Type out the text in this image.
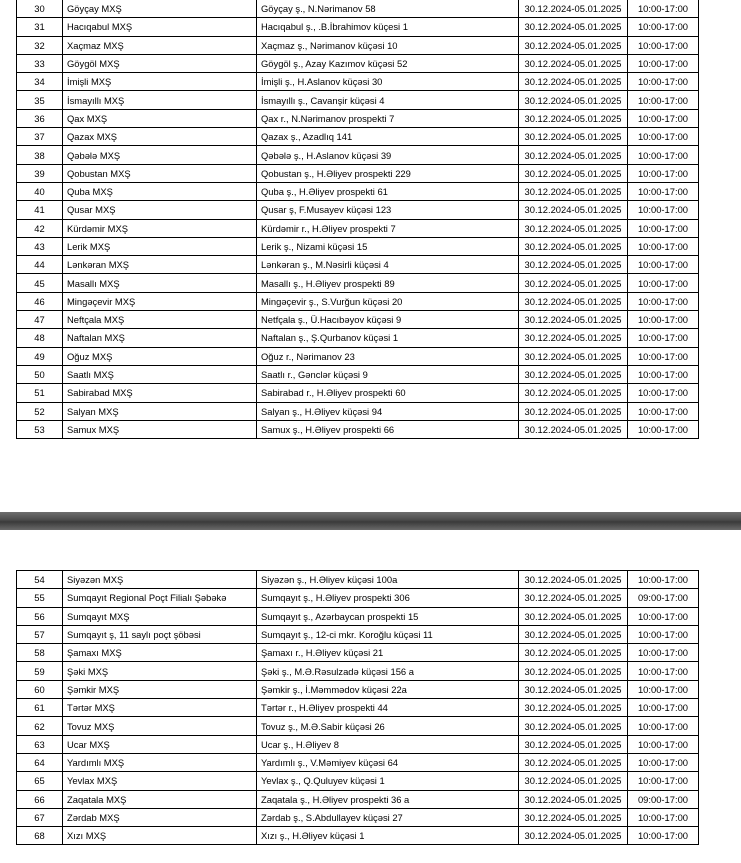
30	Göyçay MXŞ	Göyçay ş., N.Nərimanov 58	30.12.2024-05.01.2025	10:00-17:00
31	Hacıqabul MXŞ	Hacıqabul ş., .B.İbrahimov küçesi 1	30.12.2024-05.01.2025	10:00-17:00
32	Xaçmaz MXŞ	Xaçmaz ş., Nərimanov küçəsi 10	30.12.2024-05.01.2025	10:00-17:00
33	Göygöl MXŞ	Göygöl ş., Azay Kazımov küçəsi 52	30.12.2024-05.01.2025	10:00-17:00
34	İmişli MXŞ	İmişli ş., H.Aslanov küçəsi 30	30.12.2024-05.01.2025	10:00-17:00
35	İsmayıllı MXŞ	İsmayıllı ş., Cavanşir küçəsi 4	30.12.2024-05.01.2025	10:00-17:00
36	Qax MXŞ	Qax r., N.Nərimanov prospekti 7	30.12.2024-05.01.2025	10:00-17:00
37	Qazax MXŞ	Qazax ş., Azadlıq 141	30.12.2024-05.01.2025	10:00-17:00
38	Qəbələ MXŞ	Qəbələ ş., H.Aslanov küçəsi 39	30.12.2024-05.01.2025	10:00-17:00
39	Qobustan MXŞ	Qobustan ş., H.Əliyev prospekti 229	30.12.2024-05.01.2025	10:00-17:00
40	Quba MXŞ	Quba ş., H.Əliyev prospekti 61	30.12.2024-05.01.2025	10:00-17:00
41	Qusar MXŞ	Qusar ş, F.Musayev küçəsi 123	30.12.2024-05.01.2025	10:00-17:00
42	Kürdəmir MXŞ	Kürdəmir r., H.Əliyev prospekti 7	30.12.2024-05.01.2025	10:00-17:00
43	Lerik MXŞ	Lerik ş., Nizami küçəsi 15	30.12.2024-05.01.2025	10:00-17:00
44	Lənkəran MXŞ	Lənkəran ş., M.Nəsirli küçəsi 4	30.12.2024-05.01.2025	10:00-17:00
45	Masallı MXŞ	Masallı ş., H.Əliyev prospekti 89	30.12.2024-05.01.2025	10:00-17:00
46	Mingəçevir MXŞ	Mingəçevir ş., S.Vurğun küçəsi 20	30.12.2024-05.01.2025	10:00-17:00
47	Neftçala MXŞ	Netfçala ş., Ü.Hacıbəyov küçəsi 9	30.12.2024-05.01.2025	10:00-17:00
48	Naftalan MXŞ	Naftalan ş., Ş.Qurbanov küçəsi 1	30.12.2024-05.01.2025	10:00-17:00
49	Oğuz MXŞ	Oğuz r., Nərimanov 23	30.12.2024-05.01.2025	10:00-17:00
50	Saatlı MXŞ	Saatlı r., Gənclər küçəsi 9	30.12.2024-05.01.2025	10:00-17:00
51	Sabirabad MXŞ	Sabirabad r., H.Əliyev prospekti 60	30.12.2024-05.01.2025	10:00-17:00
52	Salyan MXŞ	Salyan ş., H.Əliyev küçəsi 94	30.12.2024-05.01.2025	10:00-17:00
53	Samux MXŞ	Samux ş., H.Əliyev prospekti 66	30.12.2024-05.01.2025	10:00-17:00
54	Siyəzən MXŞ	Siyəzən ş., H.Əliyev küçəsi 100a	30.12.2024-05.01.2025	10:00-17:00
55	Sumqayıt Regional Poçt Filialı Şəbəkə	Sumqayıt ş., H.Əliyev prospekti 306	30.12.2024-05.01.2025	09:00-17:00
56	Sumqayıt MXŞ	Sumqayıt ş., Azərbaycan prospekti 15	30.12.2024-05.01.2025	10:00-17:00
57	Sumqayıt ş, 11 saylı poçt şöbəsi	Sumqayıt ş., 12-ci mkr. Koroğlu küçəsi 11	30.12.2024-05.01.2025	10:00-17:00
58	Şamaxı MXŞ	Şamaxı r., H.Əliyev küçəsi 21	30.12.2024-05.01.2025	10:00-17:00
59	Şəki MXŞ	Şəki ş., M.Ə.Rəsulzadə küçəsi 156 a	30.12.2024-05.01.2025	10:00-17:00
60	Şəmkir MXŞ	Şəmkir ş., İ.Məmmədov küçəsi 22a	30.12.2024-05.01.2025	10:00-17:00
61	Tərtər MXŞ	Tərtər r., H.Əliyev prospekti 44	30.12.2024-05.01.2025	10:00-17:00
62	Tovuz MXŞ	Tovuz ş., M.Ə.Sabir küçəsi 26	30.12.2024-05.01.2025	10:00-17:00
63	Ucar MXŞ	Ucar ş., H.Əliyev 8	30.12.2024-05.01.2025	10:00-17:00
64	Yardımlı MXŞ	Yardımlı ş., V.Məmiyev küçəsi 64	30.12.2024-05.01.2025	10:00-17:00
65	Yevlax MXŞ	Yevlax ş., Q.Quluyev küçəsi 1	30.12.2024-05.01.2025	10:00-17:00
66	Zaqatala MXŞ	Zaqatala ş., H.Əliyev prospekti 36 a	30.12.2024-05.01.2025	09:00-17:00
67	Zərdab MXŞ	Zərdab ş., S.Abdullayev küçəsi 27	30.12.2024-05.01.2025	10:00-17:00
68	Xızı MXŞ	Xızı ş., H.Əliyev küçəsi 1	30.12.2024-05.01.2025	10:00-17:00
